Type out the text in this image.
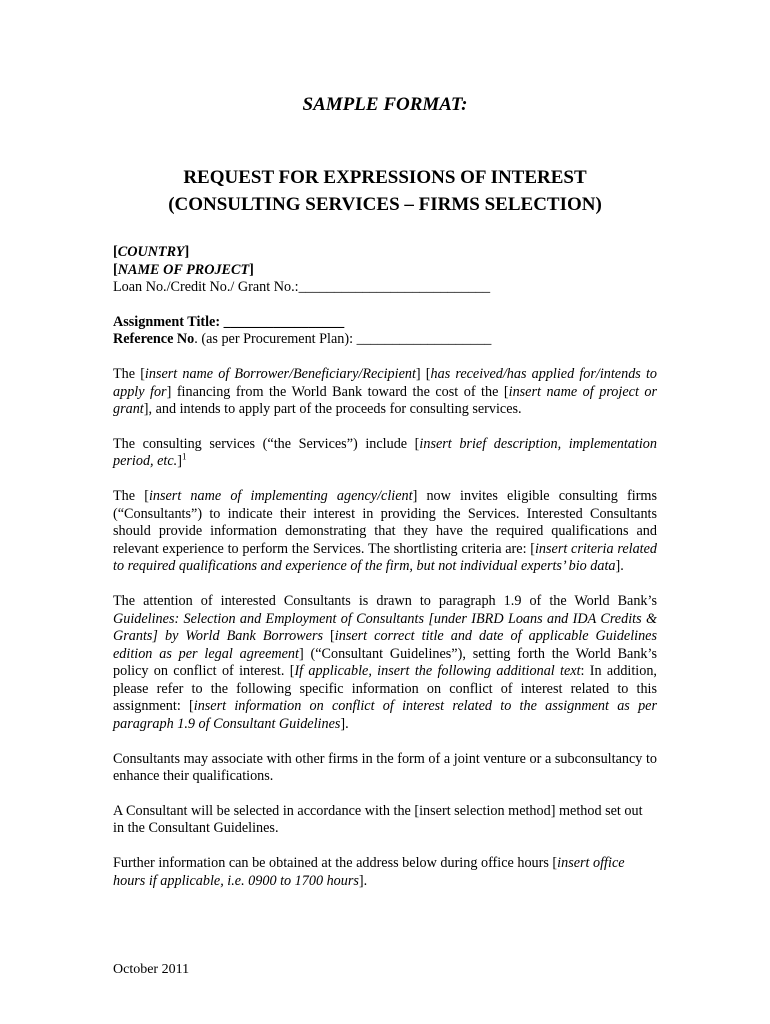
SAMPLE FORMAT:
REQUEST FOR EXPRESSIONS OF INTEREST
(CONSULTING SERVICES – FIRMS SELECTION)

[COUNTRY]

[NAME OF PROJECT]

Loan No./Credit No./ Grant No.:___________________________

Assignment Title: _________________

Reference No. (as per Procurement Plan): ___________________

The [insert name of Borrower/Beneficiary/Recipient] [has received/has applied for/intends to apply for] financing from the World Bank toward the cost of the [insert name of project or grant], and intends to apply part of the proceeds for consulting services.

The consulting services (“the Services”) include [insert brief description, implementation period, etc.]$^1$

The [insert name of implementing agency/client] now invites eligible consulting firms (“Consultants”) to indicate their interest in providing the Services. Interested Consultants should provide information demonstrating that they have the required qualifications and relevant experience to perform the Services. The shortlisting criteria are: [insert criteria related to required qualifications and experience of the firm, but not individual experts’ bio data].

The attention of interested Consultants is drawn to paragraph 1.9 of the World Bank’s Guidelines: Selection and Employment of Consultants [under IBRD Loans and IDA Credits & Grants] by World Bank Borrowers [insert correct title and date of applicable Guidelines edition as per legal agreement] (“Consultant Guidelines”), setting forth the World Bank’s policy on conflict of interest. [If applicable, insert the following additional text: In addition, please refer to the following specific information on conflict of interest related to this assignment: [insert information on conflict of interest related to the assignment as per paragraph 1.9 of Consultant Guidelines].

Consultants may associate with other firms in the form of a joint venture or a subconsultancy to enhance their qualifications.

A Consultant will be selected in accordance with the [insert selection method] method set out in the Consultant Guidelines.

Further information can be obtained at the address below during office hours [insert office hours if applicable, i.e. 0900 to 1700 hours].

October 2011
